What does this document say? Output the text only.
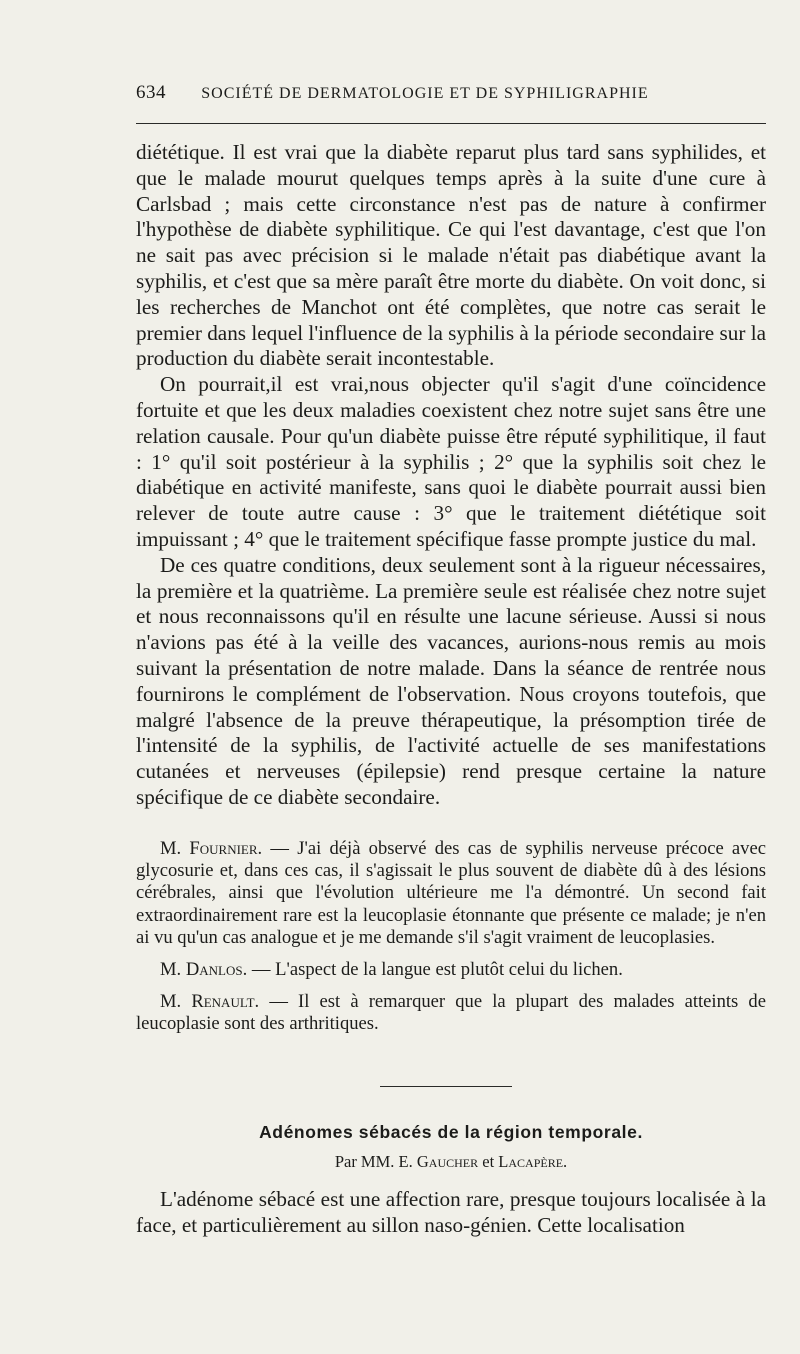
634 SOCIÉTÉ DE DERMATOLOGIE ET DE SYPHILIGRAPHIE

diététique. Il est vrai que la diabète reparut plus tard sans syphilides, et que le malade mourut quelques temps après à la suite d'une cure à Carlsbad ; mais cette circonstance n'est pas de nature à confirmer l'hypothèse de diabète syphilitique. Ce qui l'est davantage, c'est que l'on ne sait pas avec précision si le malade n'était pas diabétique avant la syphilis, et c'est que sa mère paraît être morte du diabète. On voit donc, si les recherches de Manchot ont été complètes, que notre cas serait le premier dans lequel l'influence de la syphilis à la période secondaire sur la production du diabète serait incontestable.

On pourrait,il est vrai,nous objecter qu'il s'agit d'une coïncidence fortuite et que les deux maladies coexistent chez notre sujet sans être une relation causale. Pour qu'un diabète puisse être réputé syphilitique, il faut : 1° qu'il soit postérieur à la syphilis ; 2° que la syphilis soit chez le diabétique en activité manifeste, sans quoi le diabète pourrait aussi bien relever de toute autre cause : 3° que le traitement diététique soit impuissant ; 4° que le traitement spécifique fasse prompte justice du mal.

De ces quatre conditions, deux seulement sont à la rigueur nécessaires, la première et la quatrième. La première seule est réalisée chez notre sujet et nous reconnaissons qu'il en résulte une lacune sérieuse. Aussi si nous n'avions pas été à la veille des vacances, aurions-nous remis au mois suivant la présentation de notre malade. Dans la séance de rentrée nous fournirons le complément de l'observation. Nous croyons toutefois, que malgré l'absence de la preuve thérapeutique, la présomption tirée de l'intensité de la syphilis, de l'activité actuelle de ses manifestations cutanées et nerveuses (épilepsie) rend presque certaine la nature spécifique de ce diabète secondaire.

M. Fournier. — J'ai déjà observé des cas de syphilis nerveuse précoce avec glycosurie et, dans ces cas, il s'agissait le plus souvent de diabète dû à des lésions cérébrales, ainsi que l'évolution ultérieure me l'a démontré. Un second fait extraordinairement rare est la leucoplasie étonnante que présente ce malade; je n'en ai vu qu'un cas analogue et je me demande s'il s'agit vraiment de leucoplasies.

M. Danlos. — L'aspect de la langue est plutôt celui du lichen.

M. Renault. — Il est à remarquer que la plupart des malades atteints de leucoplasie sont des arthritiques.

Adénomes sébacés de la région temporale.
Par MM. E. Gaucher et Lacapère.

L'adénome sébacé est une affection rare, presque toujours localisée à la face, et particulièrement au sillon naso-génien. Cette localisation
